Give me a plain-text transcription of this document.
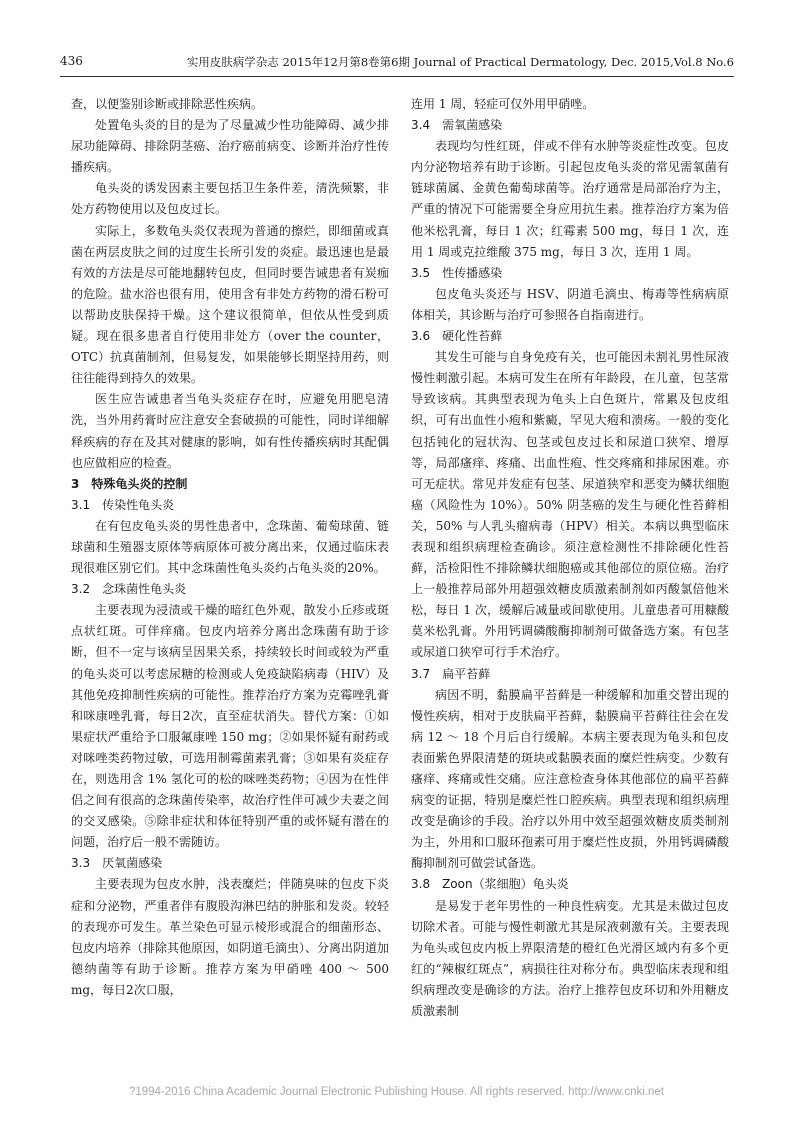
436	实用皮肤病学杂志 2015年12月第8卷第6期 Journal of Practical Dermatology, Dec. 2015,Vol.8 No.6

查，以便鉴别诊断或排除恶性疾病。

处置龟头炎的目的是为了尽量减少性功能障碍、减少排尿功能障碍、排除阴茎癌、治疗癌前病变、诊断并治疗性传播疾病。

龟头炎的诱发因素主要包括卫生条件差，清洗频繁，非处方药物使用以及包皮过长。

实际上，多数龟头炎仅表现为普通的擦烂，即细菌或真菌在两层皮肤之间的过度生长所引发的炎症。最迅速也是最有效的方法是尽可能地翻转包皮，但同时要告诫患者有炭痂的危险。盐水浴也很有用，使用含有非处方药物的滑石粉可以帮助皮肤保持干燥。这个建议很简单，但依从性受到质疑。现在很多患者自行使用非处方（over the counter，OTC）抗真菌制剂，但易复发，如果能够长期坚持用药，则往往能得到持久的效果。

医生应告诫患者当龟头炎症存在时，应避免用肥皂清洗，当外用药膏时应注意安全套破损的可能性，同时详细解释疾病的存在及其对健康的影响，如有性传播疾病时其配偶也应做相应的检查。

3　特殊龟头炎的控制

3.1　传染性龟头炎

在有包皮龟头炎的男性患者中，念珠菌、葡萄球菌、链球菌和生殖器支原体等病原体可被分离出来，仅通过临床表现很难区别它们。其中念珠菌性龟头炎约占龟头炎的20%。

3.2　念珠菌性龟头炎

主要表现为浸渍或干燥的暗红色外观，散发小丘疹或斑点状红斑。可伴痒痛。包皮内培养分离出念珠菌有助于诊断，但不一定与该病呈因果关系，持续较长时间或较为严重的龟头炎可以考虑尿糖的检测或人免疫缺陷病毒（HIV）及其他免疫抑制性疾病的可能性。推荐治疗方案为克霉唑乳膏和咪康唑乳膏，每日2次，直至症状消失。替代方案：①如果症状严重给予口服氟康唑 150 mg；②如果怀疑有耐药或对咪唑类药物过敏，可选用制霉菌素乳膏；③如果有炎症存在，则选用含 1% 氢化可的松的咪唑类药物；④因为在性伴侣之间有很高的念珠菌传染率，故治疗性伴可减少夫妻之间的交叉感染。⑤除非症状和体征特别严重的或怀疑有潜在的问题，治疗后一般不需随访。

3.3　厌氧菌感染

主要表现为包皮水肿，浅表糜烂；伴随臭味的包皮下炎症和分泌物，严重者伴有腹股沟淋巴结的肿胀和发炎。较轻的表现亦可发生。革兰染色可显示棱形或混合的细菌形态、包皮内培养（排除其他原因，如阴道毛滴虫）、分离出阴道加德纳菌等有助于诊断。推荐方案为甲硝唑 400 ～ 500 mg，每日2次口服，

连用 1 周，轻症可仅外用甲硝唑。

3.4　需氧菌感染

表现均匀性红斑，伴或不伴有水肿等炎症性改变。包皮内分泌物培养有助于诊断。引起包皮龟头炎的常见需氧菌有链球菌属、金黄色葡萄球菌等。治疗通常是局部治疗为主，严重的情况下可能需要全身应用抗生素。推荐治疗方案为倍他米松乳膏，每日 1 次；红霉素 500 mg，每日 1 次，连用 1 周或克拉维酸 375 mg，每日 3 次，连用 1 周。

3.5　性传播感染

包皮龟头炎还与 HSV、阴道毛滴虫、梅毒等性病病原体相关，其诊断与治疗可参照各自指南进行。

3.6　硬化性苔藓

其发生可能与自身免疫有关，也可能因未割礼男性尿液慢性刺激引起。本病可发生在所有年龄段，在儿童，包茎常导致该病。其典型表现为龟头上白色斑片，常累及包皮组织，可有出血性小疱和紫癜，罕见大疱和溃疡。一般的变化包括钝化的冠状沟、包茎或包皮过长和尿道口狭窄、增厚等，局部瘙痒、疼痛、出血性疱、性交疼痛和排尿困难。亦可无症状。常见并发症有包茎、尿道狭窄和恶变为鳞状细胞癌（风险性为 10%）。50% 阴茎癌的发生与硬化性苔藓相关，50% 与人乳头瘤病毒（HPV）相关。本病以典型临床表现和组织病理检查确诊。须注意检测性不排除硬化性苔藓，活检阳性不排除鳞状细胞癌或其他部位的原位癌。治疗上一般推荐局部外用超强效糖皮质激素制剂如丙酸氯倍他米松，每日 1 次，缓解后减量或间歇使用。儿童患者可用糠酸莫米松乳膏。外用钙调磷酸酶抑制剂可做备选方案。有包茎或尿道口狭窄可行手术治疗。

3.7　扁平苔藓

病因不明，黏膜扁平苔藓是一种缓解和加重交替出现的慢性疾病，相对于皮肤扁平苔藓，黏膜扁平苔藓往往会在发病 12 ～ 18 个月后自行缓解。本病主要表现为龟头和包皮表面紫色界限清楚的斑块或黏膜表面的糜烂性病变。少数有瘙痒、疼痛或性交痛。应注意检查身体其他部位的扁平苔藓病变的证据，特别是糜烂性口腔疾病。典型表现和组织病理改变是确诊的手段。治疗以外用中效至超强效糖皮质类制剂为主，外用和口服环孢素可用于糜烂性皮损，外用钙调磷酸酶抑制剂可做尝试备选。

3.8　Zoon（浆细胞）龟头炎

是易发于老年男性的一种良性病变。尤其是未做过包皮切除术者。可能与慢性刺激尤其是尿液刺激有关。主要表现为龟头或包皮内板上界限清楚的橙红色光滑区域内有多个更红的“辣椒红斑点”，病损往往对称分布。典型临床表现和组织病理改变是确诊的方法。治疗上推荐包皮环切和外用糖皮质激素制

?1994-2016 China Academic Journal Electronic Publishing House. All rights reserved. http://www.cnki.net
